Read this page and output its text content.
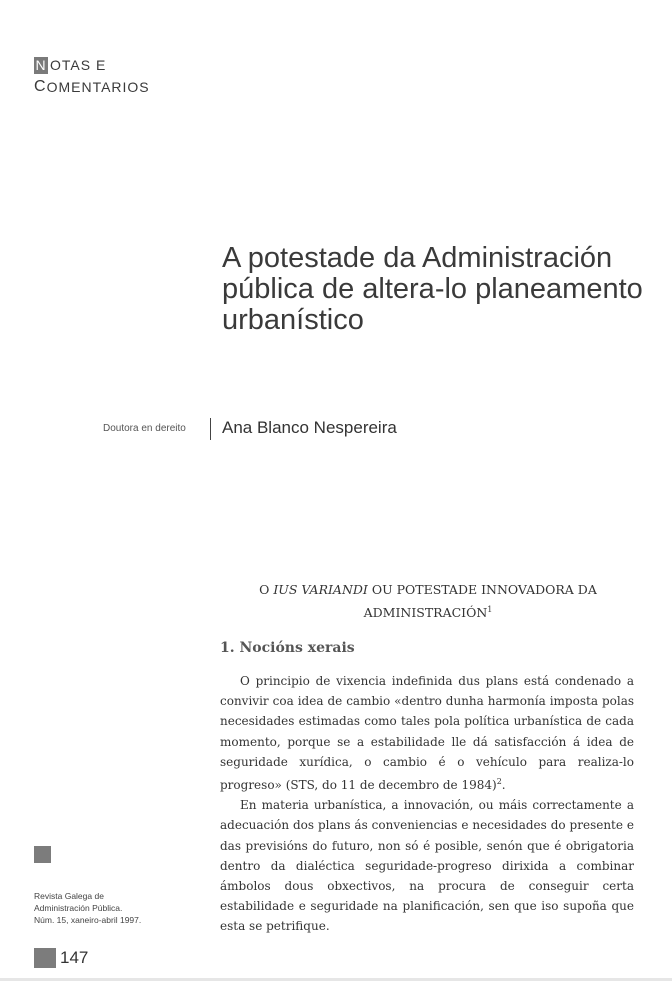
N OTAS E
C OMENTARIOS
A potestade da Administración
pública de altera-lo planeamento
urbanístico
Doutora en dereito Ana Blanco Nespereira
O IUS VARIANDI OU POTESTADE INNOVADORA DA
ADMINISTRACIÓN$^1$
1. Nocións xerais

O principio de vixencia indefinida dus plans está condenado a convivir coa idea de cambio «dentro dunha harmonía imposta polas necesidades estimadas como tales pola política urbanística de cada momento, porque se a estabilidade lle dá satisfacción á idea de seguridade xurídica, o cambio é o vehículo para realiza-lo progreso» (STS, do 11 de decembro de 1984)$^2$.

En materia urbanística, a innovación, ou máis correctamente a adecuación dos plans ás conveniencias e necesidades do presente e das previsións do futuro, non só é posible, senón que é obrigatoria dentro da dialéctica seguridade-progreso dirixida a combinar ámbolos dous obxectivos, na procura de conseguir certa estabilidade e seguridade na planificación, sen que iso supoña que esta se petrifique.

Revista Galega de
Administración Pública.
Núm. 15, xaneiro-abril 1997.
147
